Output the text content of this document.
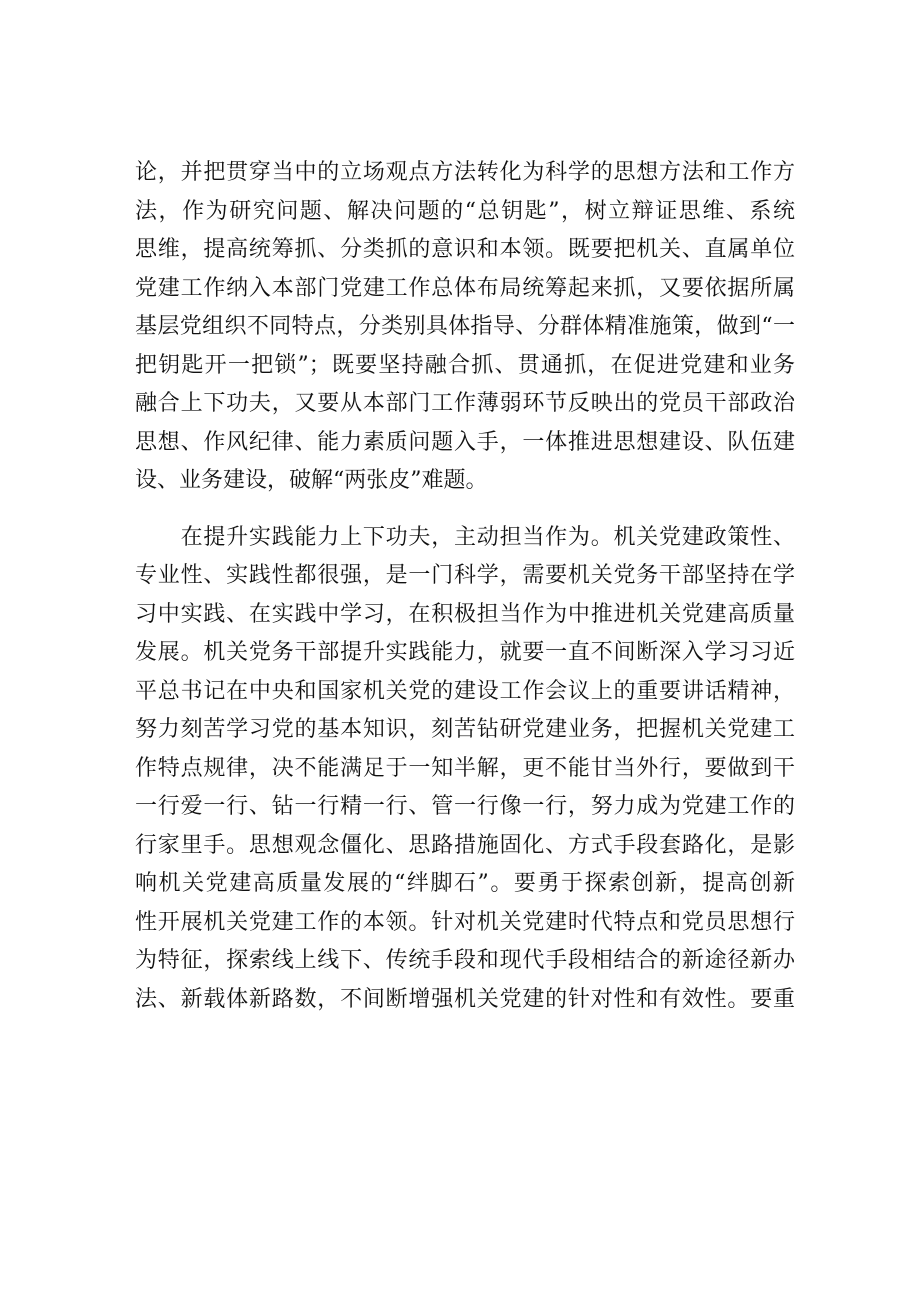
论，并把贯穿当中的立场观点方法转化为科学的思想方法和工作方
法，作为研究问题、解决问题的“总钥匙”，树立辩证思维、系统
思维，提高统筹抓、分类抓的意识和本领。既要把机关、直属单位
党建工作纳入本部门党建工作总体布局统筹起来抓，又要依据所属
基层党组织不同特点，分类别具体指导、分群体精准施策，做到“一
把钥匙开一把锁”；既要坚持融合抓、贯通抓，在促进党建和业务
融合上下功夫，又要从本部门工作薄弱环节反映出的党员干部政治
思想、作风纪律、能力素质问题入手，一体推进思想建设、队伍建
设、业务建设，破解“两张皮”难题。
　　在提升实践能力上下功夫，主动担当作为。机关党建政策性、
专业性、实践性都很强，是一门科学，需要机关党务干部坚持在学
习中实践、在实践中学习，在积极担当作为中推进机关党建高质量
发展。机关党务干部提升实践能力，就要一直不间断深入学习习近
平总书记在中央和国家机关党的建设工作会议上的重要讲话精神，
努力刻苦学习党的基本知识，刻苦钻研党建业务，把握机关党建工
作特点规律，决不能满足于一知半解，更不能甘当外行，要做到干
一行爱一行、钻一行精一行、管一行像一行，努力成为党建工作的
行家里手。思想观念僵化、思路措施固化、方式手段套路化，是影
响机关党建高质量发展的“绊脚石”。要勇于探索创新，提高创新
性开展机关党建工作的本领。针对机关党建时代特点和党员思想行
为特征，探索线上线下、传统手段和现代手段相结合的新途径新办
法、新载体新路数，不间断增强机关党建的针对性和有效性。要重
